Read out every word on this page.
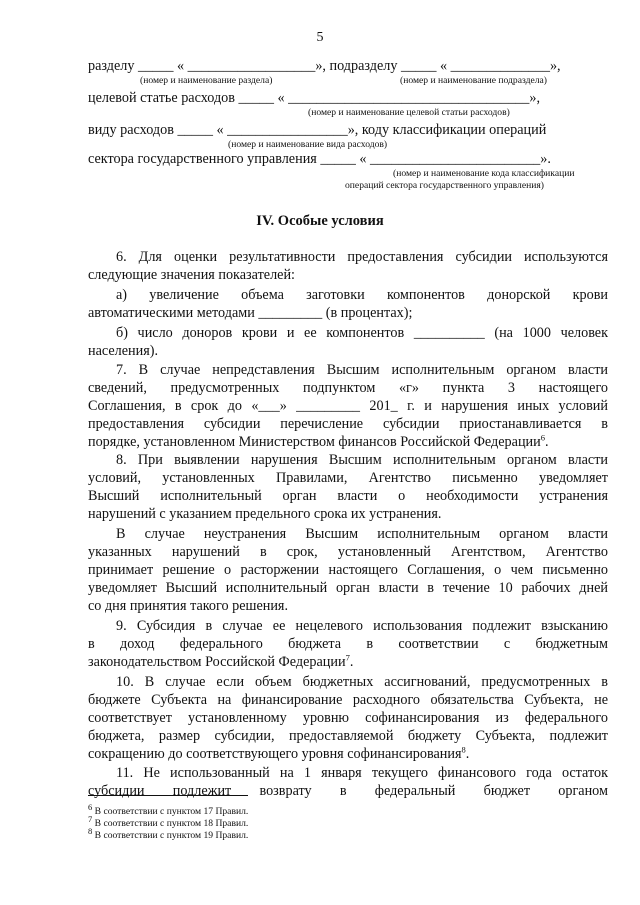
5
разделу _____ « __________________», подразделу _____ « ______________»,
(номер и наименование раздела)	(номер и наименование подраздела)
целевой статье расходов _____ « __________________________________»,
(номер и наименование целевой статьи расходов)
виду расходов _____ « _________________», коду классификации операций
(номер и наименование вида расходов)
сектора государственного управления _____ « ________________________».
(номер и наименование кода классификации
операций сектора государственного управления)
IV. Особые условия
6. Для оценки результативности предоставления субсидии используются
следующие значения показателей:
а) увеличение объема заготовки компонентов донорской крови
автоматическими методами _________ (в процентах);
б) число доноров крови и ее компонентов __________ (на 1000 человек
населения).
7. В случае непредставления Высшим исполнительным органом власти
сведений, предусмотренных подпунктом «г» пункта 3 настоящего
Соглашения, в срок до «___» _________ 201_ г. и нарушения иных условий
предоставления субсидии перечисление субсидии приостанавливается в
порядке, установленном Министерством финансов Российской Федерации$^6$.
8. При выявлении нарушения Высшим исполнительным органом власти
условий, установленных Правилами, Агентство письменно уведомляет
Высший исполнительный орган власти о необходимости устранения
нарушений с указанием предельного срока их устранения.
В случае неустранения Высшим исполнительным органом власти
указанных нарушений в срок, установленный Агентством, Агентство
принимает решение о расторжении настоящего Соглашения, о чем письменно
уведомляет Высший исполнительный орган власти в течение 10 рабочих дней
со дня принятия такого решения.
9. Субсидия в случае ее нецелевого использования подлежит взысканию
в доход федерального бюджета в соответствии с бюджетным
законодательством Российской Федерации$^7$.
10. В случае если объем бюджетных ассигнований, предусмотренных в
бюджете Субъекта на финансирование расходного обязательства Субъекта, не
соответствует установленному уровню софинансирования из федерального
бюджета, размер субсидии, предоставляемой бюджету Субъекта, подлежит
сокращению до соответствующего уровня софинансирования$^8$.
11. Не использованный на 1 января текущего финансового года остаток
субсидии подлежит возврату в федеральный бюджет органом
$^6$ В соответствии с пунктом 17 Правил.
$^7$ В соответствии с пунктом 18 Правил.
$^8$ В соответствии с пунктом 19 Правил.
